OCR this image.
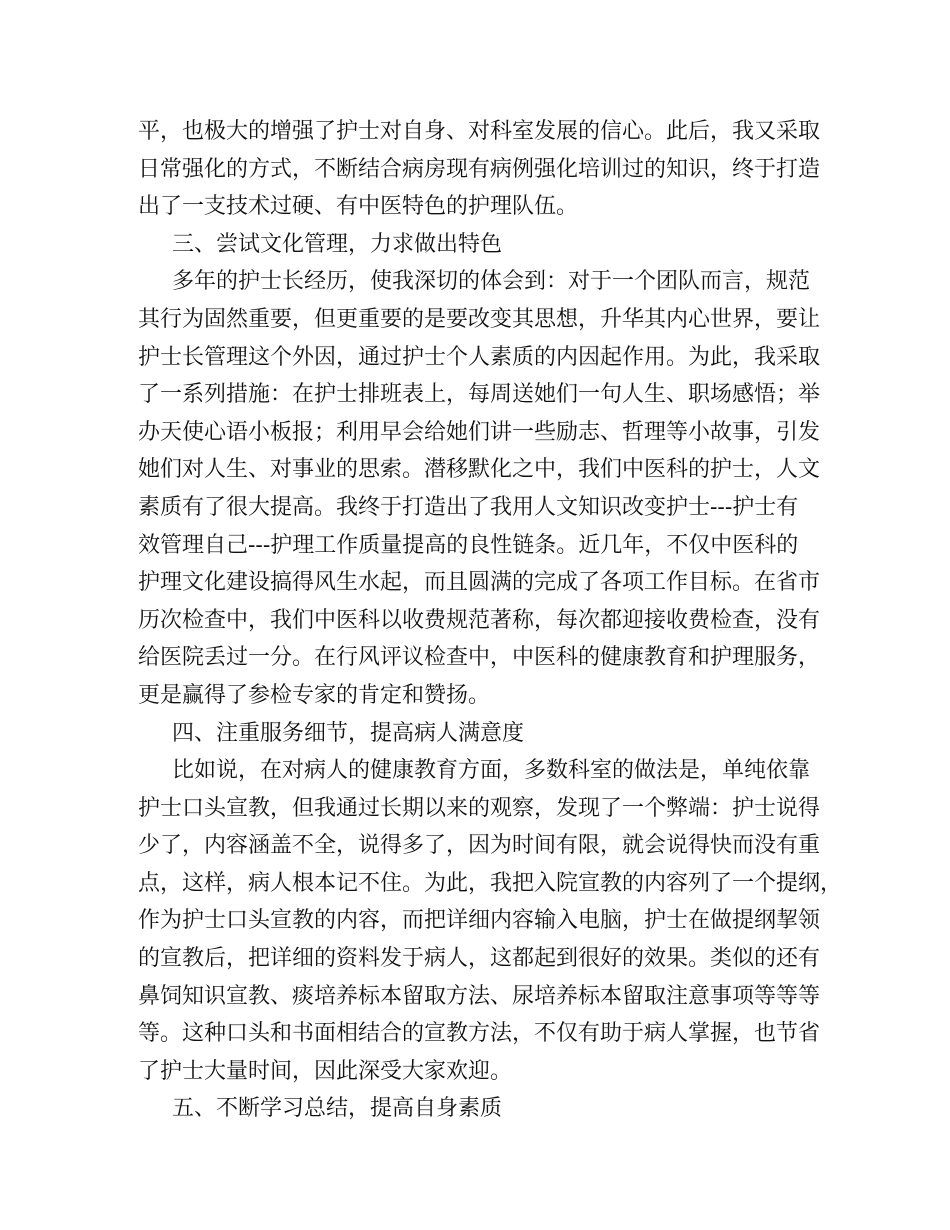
平，也极大的增强了护士对自身、对科室发展的信心。此后，我又采取
日常强化的方式，不断结合病房现有病例强化培训过的知识，终于打造
出了一支技术过硬、有中医特色的护理队伍。
三、尝试文化管理，力求做出特色
多年的护士长经历，使我深切的体会到：对于一个团队而言，规范
其行为固然重要，但更重要的是要改变其思想，升华其内心世界，要让
护士长管理这个外因，通过护士个人素质的内因起作用。为此，我采取
了一系列措施：在护士排班表上，每周送她们一句人生、职场感悟；举
办天使心语小板报；利用早会给她们讲一些励志、哲理等小故事，引发
她们对人生、对事业的思索。潜移默化之中，我们中医科的护士，人文
素质有了很大提高。我终于打造出了我用人文知识改变护士---护士有
效管理自己---护理工作质量提高的良性链条。近几年，不仅中医科的
护理文化建设搞得风生水起，而且圆满的完成了各项工作目标。在省市
历次检查中，我们中医科以收费规范著称，每次都迎接收费检查，没有
给医院丢过一分。在行风评议检查中，中医科的健康教育和护理服务，
更是赢得了参检专家的肯定和赞扬。
四、注重服务细节，提高病人满意度
比如说，在对病人的健康教育方面，多数科室的做法是，单纯依靠
护士口头宣教，但我通过长期以来的观察，发现了一个弊端：护士说得
少了，内容涵盖不全，说得多了，因为时间有限，就会说得快而没有重
点，这样，病人根本记不住。为此，我把入院宣教的内容列了一个提纲，
作为护士口头宣教的内容，而把详细内容输入电脑，护士在做提纲挈领
的宣教后，把详细的资料发于病人，这都起到很好的效果。类似的还有
鼻饲知识宣教、痰培养标本留取方法、尿培养标本留取注意事项等等等
等。这种口头和书面相结合的宣教方法，不仅有助于病人掌握，也节省
了护士大量时间，因此深受大家欢迎。
五、不断学习总结，提高自身素质
